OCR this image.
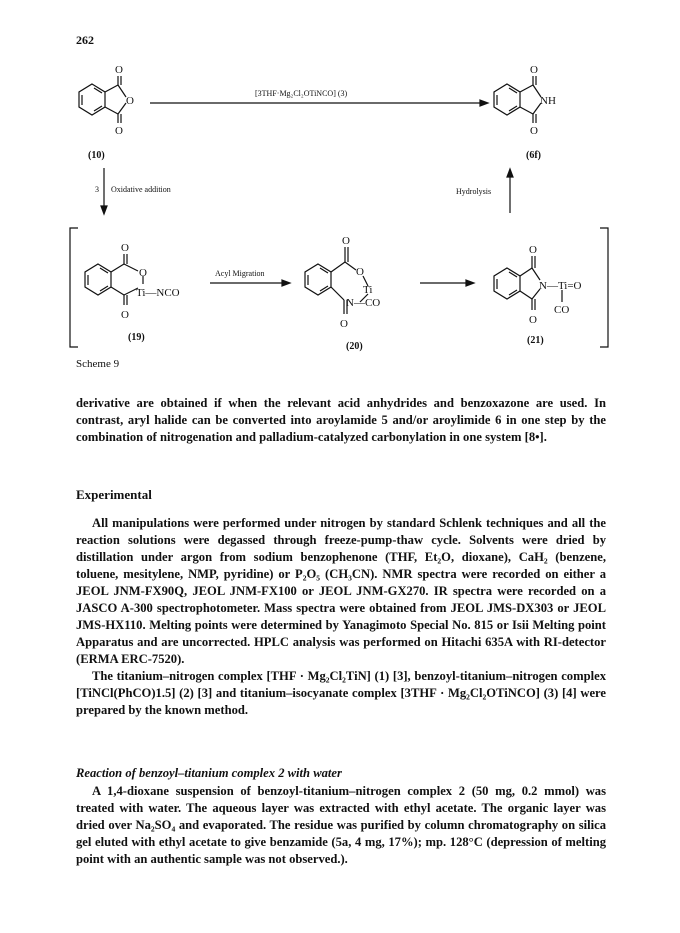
262
O
O
O
(10)
[3THF·Mg₂Cl₂OTiNCO] (3)
O
NH
O
(6f)
3 Oxidative addition	Hydrolysis
O
O
Ti—NCO
O
(19)
Acyl Migration
O
O
Ti
N—CO
O
(20)
O
N—Ti=O
CO
O
(21)
Scheme 9
derivative are obtained if when the relevant acid anhydrides and benzoxazone are used. In contrast, aryl halide can be converted into aroylamide 5 and/or aroylimide 6 in one step by the combination of nitrogenation and palladium-catalyzed carbonylation in one system [8•].
Experimental

All manipulations were performed under nitrogen by standard Schlenk techniques and all the reaction solutions were degassed through freeze-pump-thaw cycle. Solvents were dried by distillation under argon from sodium benzophenone (THF, Et₂O, dioxane), CaH₂ (benzene, toluene, mesitylene, NMP, pyridine) or P₂O₅ (CH₃CN). NMR spectra were recorded on either a JEOL JNM-FX90Q, JEOL JNM-FX100 or JEOL JNM-GX270. IR spectra were recorded on a JASCO A-300 spectrophotometer. Mass spectra were obtained from JEOL JMS-DX303 or JEOL JMS-HX110. Melting points were determined by Yanagimoto Special No. 815 or Isii Melting point Apparatus and are uncorrected. HPLC analysis was performed on Hitachi 635A with RI-detector (ERMA ERC-7520).

The titanium–nitrogen complex [THF · Mg₂Cl₂TiN] (1) [3], benzoyl-titanium–nitrogen complex [TiNCl(PhCO)1.5] (2) [3] and titanium–isocyanate complex [3THF · Mg₂Cl₂OTiNCO] (3) [4] were prepared by the known method.

Reaction of benzoyl–titanium complex 2 with water

A 1,4-dioxane suspension of benzoyl-titanium–nitrogen complex 2 (50 mg, 0.2 mmol) was treated with water. The aqueous layer was extracted with ethyl acetate. The organic layer was dried over Na₂SO₄ and evaporated. The residue was purified by column chromatography on silica gel eluted with ethyl acetate to give benzamide (5a, 4 mg, 17%); mp. 128°C (depression of melting point with an authentic sample was not observed.).
